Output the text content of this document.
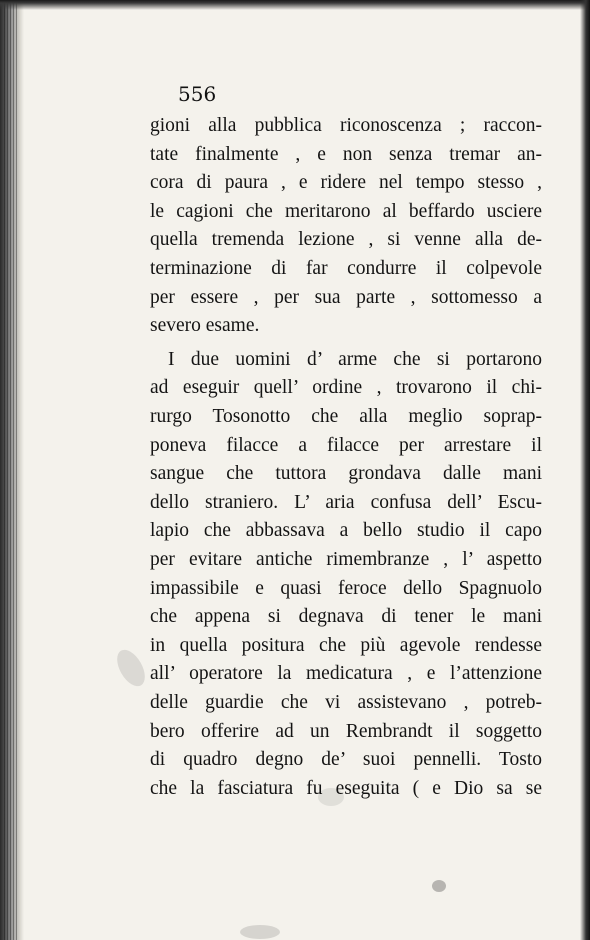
556
gioni alla pubblica riconoscenza ; raccon-
tate finalmente , e non senza tremar an-
cora di paura , e ridere nel tempo stesso ,
le cagioni che meritarono al beffardo usciere
quella tremenda lezione , si venne alla de-
terminazione di far condurre il colpevole
per essere , per sua parte , sottomesso a
severo esame.
I due uomini d’ arme che si portarono
ad eseguir quell’ ordine , trovarono il chi-
rurgo Tosonotto che alla meglio soprap-
poneva filacce a filacce per arrestare il
sangue che tuttora grondava dalle mani
dello straniero. L’ aria confusa dell’ Escu-
lapio che abbassava a bello studio il capo
per evitare antiche rimembranze , l’ aspetto
impassibile e quasi feroce dello Spagnuolo
che appena si degnava di tener le mani
in quella positura che più agevole rendesse
all’ operatore la medicatura , e l’attenzione
delle guardie che vi assistevano , potreb-
bero offerire ad un Rembrandt il soggetto
di quadro degno de’ suoi pennelli. Tosto
che la fasciatura fu eseguita ( e Dio sa se
